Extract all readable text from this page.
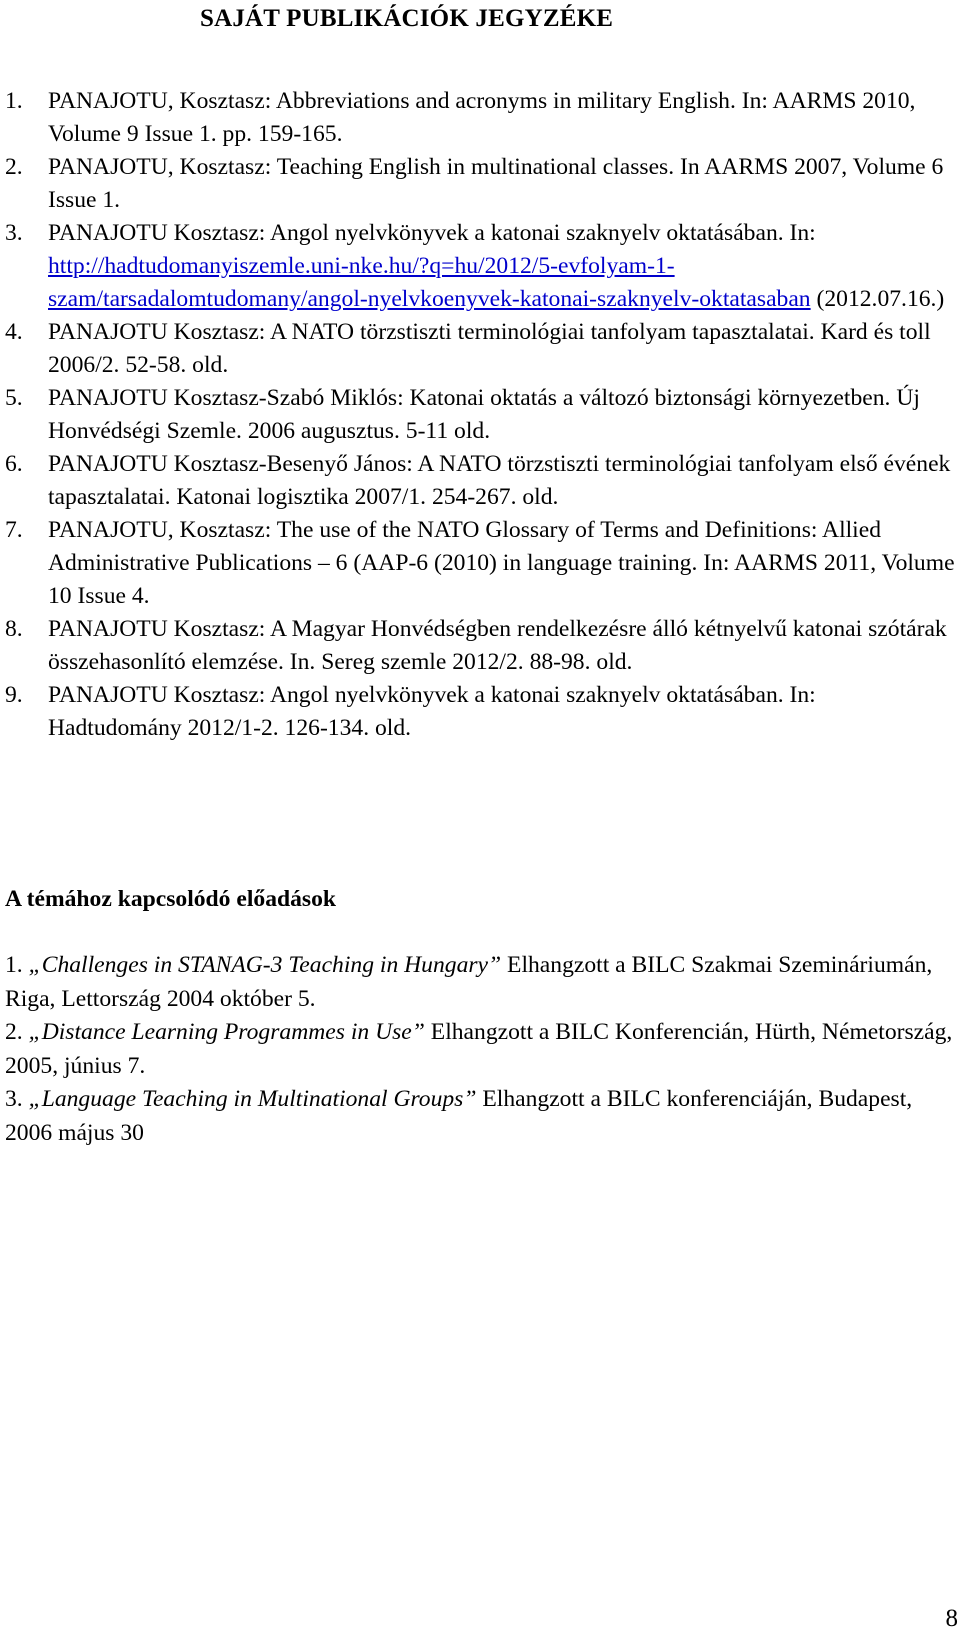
SAJÁT PUBLIKÁCIÓK JEGYZÉKE
1. PANAJOTU, Kosztasz: Abbreviations and acronyms in military English. In: AARMS 2010, Volume 9 Issue 1. pp. 159-165.
2. PANAJOTU, Kosztasz: Teaching English in multinational classes. In AARMS 2007, Volume 6 Issue 1.
3. PANAJOTU Kosztasz: Angol nyelvkönyvek a katonai szaknyelv oktatásában. In: http://hadtudomanyiszemle.uni-nke.hu/?q=hu/2012/5-evfolyam-1-szam/tarsadalomtudomany/angol-nyelvkoenyvek-katonai-szaknyelv-oktatasaban (2012.07.16.)
4. PANAJOTU Kosztasz: A NATO törzstiszti terminológiai tanfolyam tapasztalatai. Kard és toll 2006/2. 52-58. old.
5. PANAJOTU Kosztasz-Szabó Miklós: Katonai oktatás a változó biztonsági környezetben. Új Honvédségi Szemle. 2006 augusztus. 5-11 old.
6. PANAJOTU Kosztasz-Besenyő János: A NATO törzstiszti terminológiai tanfolyam első évének tapasztalatai. Katonai logisztika 2007/1. 254-267. old.
7. PANAJOTU, Kosztasz: The use of the NATO Glossary of Terms and Definitions: Allied Administrative Publications – 6 (AAP-6 (2010) in language training. In: AARMS 2011, Volume 10 Issue 4.
8. PANAJOTU Kosztasz: A Magyar Honvédségben rendelkezésre álló kétnyelvű katonai szótárak összehasonlító elemzése. In. Sereg szemle 2012/2. 88-98. old.
9. PANAJOTU Kosztasz: Angol nyelvkönyvek a katonai szaknyelv oktatásában. In: Hadtudomány 2012/1-2. 126-134. old.
A témához kapcsolódó előadások
1. „Challenges in STANAG-3 Teaching in Hungary” Elhangzott a BILC Szakmai Szemináriumán, Riga, Lettország 2004 október 5.
2. „Distance Learning Programmes in Use” Elhangzott a BILC Konferencián, Hürth, Németország, 2005, június 7.
3. „Language Teaching in Multinational Groups” Elhangzott a BILC konferenciáján, Budapest, 2006 május 30
8
